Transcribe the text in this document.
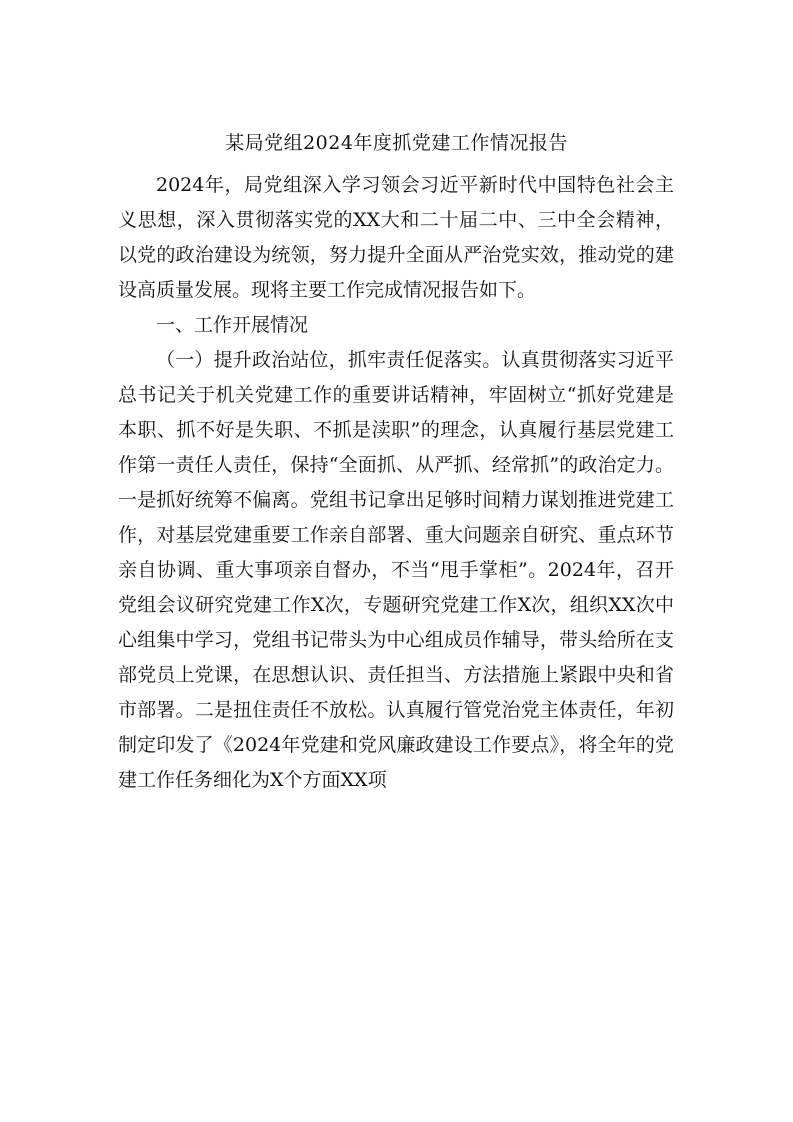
某局党组2024年度抓党建工作情况报告

2024年，局党组深入学习领会习近平新时代中国特色社会主义思想，深入贯彻落实党的XX大和二十届二中、三中全会精神，以党的政治建设为统领，努力提升全面从严治党实效，推动党的建设高质量发展。现将主要工作完成情况报告如下。

一、工作开展情况

（一）提升政治站位，抓牢责任促落实。认真贯彻落实习近平总书记关于机关党建工作的重要讲话精神，牢固树立“抓好党建是本职、抓不好是失职、不抓是渎职”的理念，认真履行基层党建工作第一责任人责任，保持“全面抓、从严抓、经常抓”的政治定力。一是抓好统筹不偏离。党组书记拿出足够时间精力谋划推进党建工作，对基层党建重要工作亲自部署、重大问题亲自研究、重点环节亲自协调、重大事项亲自督办，不当“甩手掌柜”。2024年，召开党组会议研究党建工作X次，专题研究党建工作X次，组织XX次中心组集中学习，党组书记带头为中心组成员作辅导，带头给所在支部党员上党课，在思想认识、责任担当、方法措施上紧跟中央和省市部署。二是扭住责任不放松。认真履行管党治党主体责任，年初制定印发了《2024年党建和党风廉政建设工作要点》，将全年的党建工作任务细化为X个方面XX项
